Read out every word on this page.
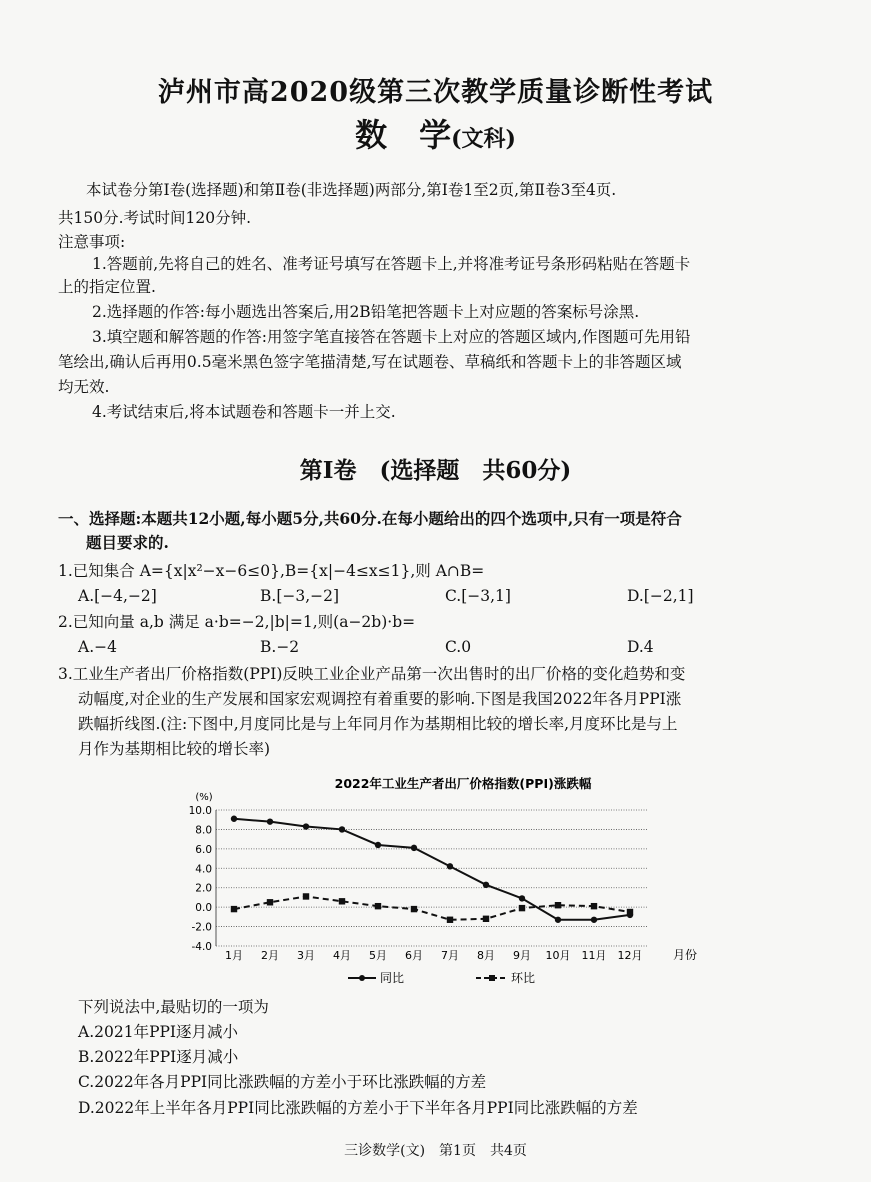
泸州市高2020级第三次教学质量诊断性考试
数　学(文科)
本试卷分第Ⅰ卷(选择题)和第Ⅱ卷(非选择题)两部分,第Ⅰ卷1至2页,第Ⅱ卷3至4页.
共150分.考试时间120分钟.
注意事项:
1.答题前,先将自己的姓名、准考证号填写在答题卡上,并将准考证号条形码粘贴在答题卡
上的指定位置.
2.选择题的作答:每小题选出答案后,用2B铅笔把答题卡上对应题的答案标号涂黑.
3.填空题和解答题的作答:用签字笔直接答在答题卡上对应的答题区域内,作图题可先用铅
笔绘出,确认后再用0.5毫米黑色签字笔描清楚,写在试题卷、草稿纸和答题卡上的非答题区域
均无效.
4.考试结束后,将本试题卷和答题卡一并上交.
第Ⅰ卷　(选择题　共60分)
一、选择题:本题共12小题,每小题5分,共60分.在每小题给出的四个选项中,只有一项是符合
题目要求的.
1.已知集合 A={x|x²−x−6≤0},B={x|−4≤x≤1},则 A∩B=
A.[−4,−2]	B.[−3,−2]	C.[−3,1]	D.[−2,1]
2.已知向量 a,b 满足 a·b=−2,|b|=1,则(a−2b)·b=
A.−4	B.−2	C.0	D.4
3.工业生产者出厂价格指数(PPI)反映工业企业产品第一次出售时的出厂价格的变化趋势和变
动幅度,对企业的生产发展和国家宏观调控有着重要的影响.下图是我国2022年各月PPI涨
跌幅折线图.(注:下图中,月度同比是与上年同月作为基期相比较的增长率,月度环比是与上
月作为基期相比较的增长率)
2022年工业生产者出厂价格指数(PPI)涨跌幅
(%)
10.0
8.0
6.0
4.0
2.0
0.0
-2.0
-4.0
1月 2月 3月 4月 5月 6月 7月 8月 9月 10月 11月 12月	月份
同比	环比
下列说法中,最贴切的一项为
A.2021年PPI逐月减小
B.2022年PPI逐月减小
C.2022年各月PPI同比涨跌幅的方差小于环比涨跌幅的方差
D.2022年上半年各月PPI同比涨跌幅的方差小于下半年各月PPI同比涨跌幅的方差
三诊数学(文)　第1页　共4页
